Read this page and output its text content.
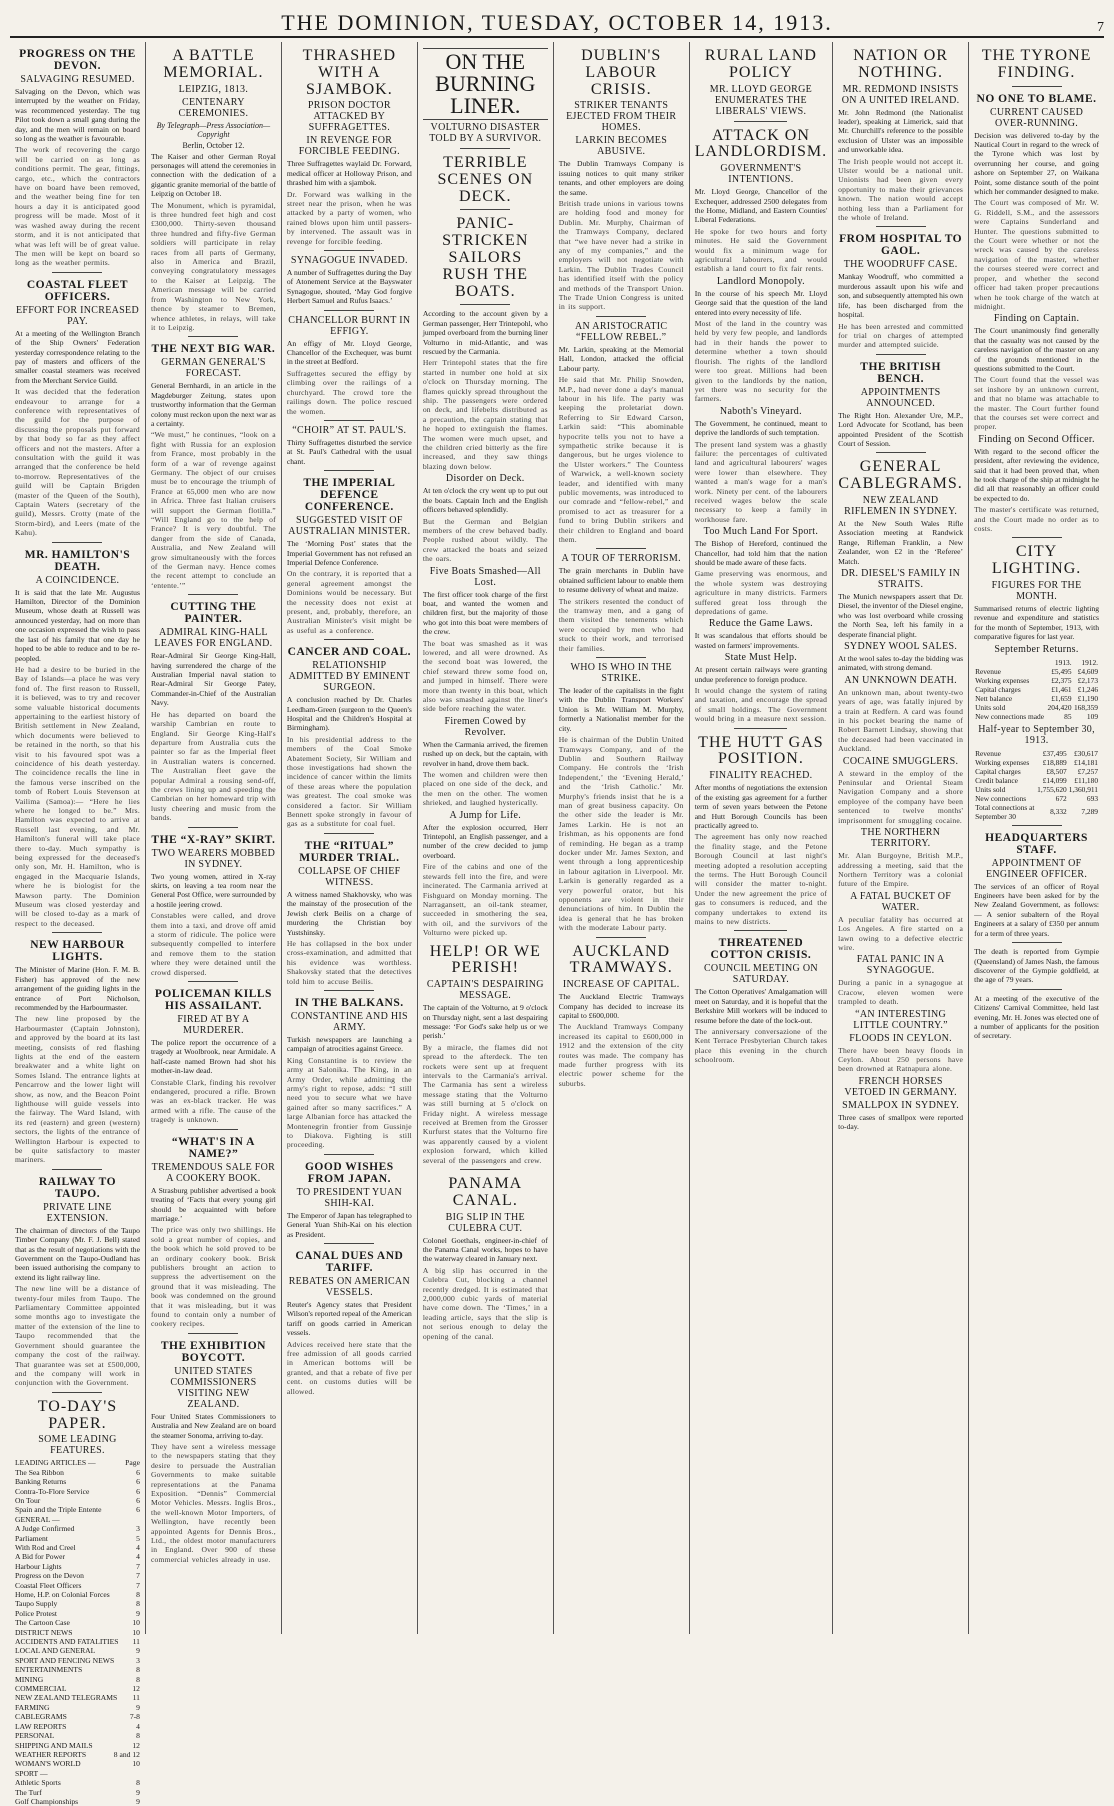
THE DOMINION, TUESDAY, OCTOBER 14, 1913.	7
PROGRESS ON THE DEVON.
SALVAGING RESUMED.
Salvaging on the Devon, which was interrupted by the weather on Friday, was recommenced yesterday. The tug Pilot took down a small gang during the day, and the men will remain on board so long as the weather is favourable.
The work of recovering the cargo will be carried on as long as conditions permit. The gear, fittings, cargo, etc., which the contractors have on board have been removed, and the weather being fine for ten hours a day it is anticipated good progress will be made. Most of it was washed away during the recent storm, and it is not anticipated that what was left will be of great value. The men will be kept on board so long as the weather permits.
COASTAL FLEET OFFICERS.
EFFORT FOR INCREASED PAY.
At a meeting of the Wellington Branch of the Ship Owners' Federation yesterday correspondence relating to the pay of masters and officers of the smaller coastal steamers was received from the Merchant Service Guild.
It was decided that the federation endeavour to arrange for a conference with representatives of the guild for the purpose of discussing the proposals put forward by that body so far as they affect officers and not the masters. After a consultation with the guild it was arranged that the conference be held to-morrow. Representatives of the guild will be Captain Brigden (master of the Queen of the South), Captain Waters (secretary of the guild), Messrs. Crotty (mate of the Storm-bird), and Leers (mate of the Kahu).
MR. HAMILTON'S DEATH.
A COINCIDENCE.
It is said that the late Mr. Augustus Hamilton, Director of the Dominion Museum, whose death at Russell was announced yesterday, had on more than one occasion expressed the wish to pass the last of his family that one day he hoped to be able to reduce and to be re-peopled.
He had a desire to be buried in the Bay of Islands—a place he was very fond of. The first reason to Russell, it is believed, was to try and recover some valuable historical documents appertaining to the earliest history of British settlement in New Zealand, which documents were believed to be retained in the north, so that his visit to his favoured spot was a coincidence of his death yesterday. The coincidence recalls the line in the famous verse inscribed on the tomb of Robert Louis Stevenson at Vailima (Samoa):— “Here he lies where he longed to be.” Mrs. Hamilton was expected to arrive at Russell last evening, and Mr. Hamilton's funeral will take place there to-day. Much sympathy is being expressed for the deceased's only son, Mr. H. Hamilton, who is engaged in the Macquarie Islands, where he is biologist for the Mawson party. The Dominion Museum was closed yesterday and will be closed to-day as a mark of respect to the deceased.
NEW HARBOUR LIGHTS.
The Minister of Marine (Hon. F. M. B. Fisher) has approved of the new arrangement of the guiding lights in the entrance of Port Nicholson, recommended by the Harbourmaster.
The new line proposed by the Harbourmaster (Captain Johnston), and approved by the board at its last meeting, consists of red flashing lights at the end of the eastern breakwater and a white light on Somes Island. The entrance lights at Pencarrow and the lower light will show, as now, and the Beacon Point lighthouse will guide vessels into the fairway. The Ward Island, with its red (eastern) and green (western) sectors, the lights of the entrance of Wellington Harbour is expected to be quite satisfactory to master mariners.
RAILWAY TO TAUPO.
PRIVATE LINE EXTENSION.
The chairman of directors of the Taupo Timber Company (Mr. F. J. Bell) stated that as the result of negotiations with the Government on the Taupo-Oudland has been issued authorising the company to extend its light railway line.
The new line will be a distance of twenty-four miles from Taupo. The Parliamentary Committee appointed some months ago to investigate the matter of the extension of the line to Taupo recommended that the Government should guarantee the company the cost of the railway. That guarantee was set at £500,000, and the company will work in conjunction with the Government.
TO-DAY'S PAPER.
SOME LEADING FEATURES.
LEADING ARTICLES —	Page
The Sea Ribbon	6
Banking Returns	6
Contra-To-Flore Service	6
On Tour	6
Spain and the Triple Entente	6
GENERAL —
A Judge Confirmed	3
Parliament	5
With Rod and Creel	4
A Bid for Power	4
Harbour Lights	7
Progress on the Devon	7
Coastal Fleet Officers	7
Home, H.P. on Colonial Forces	8
Taupo Supply	8
Police Protest	9
The Cartoon Case	10
DISTRICT NEWS	10
ACCIDENTS AND FATALITIES 11
LOCAL AND GENERAL	9
SPORT AND FENCING NEWS	3
ENTERTAINMENTS	8
MINING	8
COMMERCIAL	12
NEW ZEALAND TELEGRAMS 11
FARMING	9
CABLEGRAMS	7-8
LAW REPORTS	4
PERSONAL	8
SHIPPING AND MAILS	12
WEATHER REPORTS	8 and 12
WOMAN'S WORLD	10
SPORT —
Athletic Sports	8
The Turf	9
Golf Championships	9
A BATTLE MEMORIAL.
LEIPZIG, 1813.
CENTENARY CEREMONIES.
By Telegraph—Press Association—Copyright
Berlin, October 12.
The Kaiser and other German Royal personages will attend the ceremonies in connection with the dedication of a gigantic granite memorial of the battle of Leipzig on October 18.
The Monument, which is pyramidal, is three hundred feet high and cost £300,000. Thirty-seven thousand three hundred and fifty-five German soldiers will participate in relay races from all parts of Germany, also in America and Brazil, conveying congratulatory messages to the Kaiser at Leipzig. The American message will be carried from Washington to New York, thence by steamer to Bremen, whence athletes, in relays, will take it to Leipzig.
THE NEXT BIG WAR.
GERMAN GENERAL'S FORECAST.
General Bernhardi, in an article in the Magdeburger Zeitung, states upon trustworthy information that the German colony must reckon upon the next war as a certainty.
“We must,” he continues, “look on a fight with Russia for an explosion from France, most probably in the form of a war of revenge against Germany. The object of our cruises must be to encourage the triumph of France at 65,000 men who are now in Africa. Three fast Italian cruisers will support the German flotilla.” “Will England go to the help of France? It is very doubtful. The danger from the side of Canada, Australia, and New Zealand will grow simultaneously with the forces of the German navy. Hence comes the recent attempt to conclude an ‘entente.’”
CUTTING THE PAINTER.
ADMIRAL KING-HALL LEAVES FOR ENGLAND.
Rear-Admiral Sir George King-Hall, having surrendered the charge of the Australian Imperial naval station to Rear-Admiral Sir George Patey, Commander-in-Chief of the Australian Navy.
He has departed on board the warship Cambrian en route to England. Sir George King-Hall's departure from Australia cuts the painter so far as the Imperial fleet in Australian waters is concerned. The Australian fleet gave the popular Admiral a rousing send-off, the crews lining up and speeding the Cambrian on her homeward trip with lusty cheering and music from the bands.
THE “X-RAY” SKIRT.
TWO WEARERS MOBBED IN SYDNEY.
Two young women, attired in X-ray skirts, on leaving a tea room near the General Post Office, were surrounded by a hostile jeering crowd.
Constables were called, and drove them into a taxi, and drove off amid a storm of ridicule. The police were subsequently compelled to interfere and remove them to the station where they were detained until the crowd dispersed.
POLICEMAN KILLS HIS ASSAILANT.
FIRED AT BY A MURDERER.
The police report the occurrence of a tragedy at Woolbrook, near Armidale. A half-caste named Brown had shot his mother-in-law dead.
Constable Clark, finding his revolver endangered, procured a rifle. Brown was an ex-black tracker. He was armed with a rifle. The cause of the tragedy is unknown.
“WHAT'S IN A NAME?”
TREMENDOUS SALE FOR A COOKERY BOOK.
A Strasburg publisher advertised a book treating of ‘Facts that every young girl should be acquainted with before marriage.’
The price was only two shillings. He sold a great number of copies, and the book which he sold proved to be an ordinary cookery book. Brisk publishers brought an action to suppress the advertisement on the ground that it was misleading. The book was condemned on the ground that it was misleading, but it was found to contain only a number of cookery recipes.
THE EXHIBITION BOYCOTT.
UNITED STATES COMMISSIONERS VISITING NEW ZEALAND.
Four United States Commissioners to Australia and New Zealand are on board the steamer Sonoma, arriving to-day.
They have sent a wireless message to the newspapers stating that they desire to persuade the Australian Governments to make suitable representations at the Panama Exposition. “Dennis” Commercial Motor Vehicles. Messrs. Inglis Bros., the well-known Motor Importers, of Wellington, have recently been appointed Agents for Dennis Bros., Ltd., the oldest motor manufacturers in England. Over 900 of these commercial vehicles already in use.
THRASHED WITH A SJAMBOK.
PRISON DOCTOR ATTACKED BY SUFFRAGETTES.
IN REVENGE FOR FORCIBLE FEEDING.
Three Suffragettes waylaid Dr. Forward, medical officer at Holloway Prison, and thrashed him with a sjambok.
Dr. Forward was walking in the street near the prison, when he was attacked by a party of women, who rained blows upon him until passers-by intervened. The assault was in revenge for forcible feeding.
SYNAGOGUE INVADED.
A number of Suffragettes during the Day of Atonement Service at the Bayswater Synagogue, shouted, ‘May God forgive Herbert Samuel and Rufus Isaacs.’
CHANCELLOR BURNT IN EFFIGY.
An effigy of Mr. Lloyd George, Chancellor of the Exchequer, was burnt in the street at Bedford.
Suffragettes secured the effigy by climbing over the railings of a churchyard. The crowd tore the railings down. The police rescued the women.
“CHOIR” AT ST. PAUL'S.
Thirty Suffragettes disturbed the service at St. Paul's Cathedral with the usual chant.
THE IMPERIAL DEFENCE CONFERENCE.
SUGGESTED VISIT OF AUSTRALIAN MINISTER.
The ‘Morning Post’ states that the Imperial Government has not refused an Imperial Defence Conference.
On the contrary, it is reported that a general agreement amongst the Dominions would be necessary. But the necessity does not exist at present, and, probably, therefore, an Australian Minister's visit might be as useful as a conference.
CANCER AND COAL.
RELATIONSHIP ADMITTED BY EMINENT SURGEON.
A conclusion reached by Dr. Charles Leedham-Green (surgeon to the Queen's Hospital and the Children's Hospital at Birmingham).
In his presidential address to the members of the Coal Smoke Abatement Society, Sir William and those investigations had shown the incidence of cancer within the limits of these areas where the population was greatest. The coal smoke was considered a factor. Sir William Bennett spoke strongly in favour of gas as a substitute for coal fuel.
THE “RITUAL” MURDER TRIAL.
COLLAPSE OF CHIEF WITNESS.
A witness named Shakhovsky, who was the mainstay of the prosecution of the Jewish clerk Beilis on a charge of murdering the Christian boy Yustshinsky.
He has collapsed in the box under cross-examination, and admitted that his evidence was worthless. Shakovsky stated that the detectives told him to accuse Beilis.
IN THE BALKANS.
CONSTANTINE AND HIS ARMY.
Turkish newspapers are launching a campaign of atrocities against Greece.
King Constantine is to review the army at Salonika. The King, in an Army Order, while admitting the army's right to repose, adds: “I still need you to secure what we have gained after so many sacrifices.” A large Albanian force has attacked the Montenegrin frontier from Gussinje to Diakova. Fighting is still proceeding.
GOOD WISHES FROM JAPAN.
TO PRESIDENT YUAN SHIH-KAI.
The Emperor of Japan has telegraphed to General Yuan Shih-Kai on his election as President.
CANAL DUES AND TARIFF.
REBATES ON AMERICAN VESSELS.
Reuter's Agency states that President Wilson's reported repeal of the American tariff on goods carried in American vessels.
Advices received here state that the free admission of all goods carried in American bottoms will be granted, and that a rebate of five per cent. on customs duties will be allowed.
ON THE BURNING LINER.
VOLTURNO DISASTER TOLD BY A SURVIVOR.
TERRIBLE SCENES ON DECK.
PANIC-STRICKEN SAILORS RUSH THE BOATS.
According to the account given by a German passenger, Herr Trintepohl, who jumped overboard from the burning liner Volturno in mid-Atlantic, and was rescued by the Carmania.
Herr Trintepohl states that the fire started in number one hold at six o'clock on Thursday morning. The flames quickly spread throughout the ship. The passengers were ordered on deck, and lifebelts distributed as a precaution, the captain stating that he hoped to extinguish the flames. The women were much upset, and the children cried bitterly as the fire increased, and they saw things blazing down below.
Disorder on Deck.
At ten o'clock the cry went up to put out the boats. Captain Inch and the English officers behaved splendidly.
But the German and Belgian members of the crew behaved badly. People rushed about wildly. The crew attacked the boats and seized the oars.
Five Boats Smashed—All Lost.
The first officer took charge of the first boat, and wanted the women and children first, but the majority of those who got into this boat were members of the crew.
The boat was smashed as it was lowered, and all were drowned. As the second boat was lowered, the chief steward threw some food on, and jumped in himself. There were more than twenty in this boat, which also was smashed against the liner's side before reaching the water.
Firemen Cowed by Revolver.
When the Carmania arrived, the firemen rushed up on deck, but the captain, with revolver in hand, drove them back.
The women and children were then placed on one side of the deck, and the men on the other. The women shrieked, and laughed hysterically.
A Jump for Life.
After the explosion occurred, Herr Trintepohl, an English passenger, and a number of the crew decided to jump overboard.
Fire of the cabins and one of the stewards fell into the fire, and were incinerated. The Carmania arrived at Fishguard on Monday morning. The Narragansett, an oil-tank steamer, succeeded in smothering the sea, with oil, and the survivors of the Volturno were picked up.
HELP! OR WE PERISH!
CAPTAIN'S DESPAIRING MESSAGE.
The captain of the Volturno, at 9 o'clock on Thursday night, sent a last despairing message: ‘For God's sake help us or we perish.’
By a miracle, the flames did not spread to the afterdeck. The ten rockets were sent up at frequent intervals to the Carmania's arrival. The Carmania has sent a wireless message stating that the Volturno was still burning at 5 o'clock on Friday night. A wireless message received at Bremen from the Grosser Kurfurst states that the Volturno fire was apparently caused by a violent explosion forward, which killed several of the passengers and crew.
PANAMA CANAL.
BIG SLIP IN THE CULEBRA CUT.
Colonel Goethals, engineer-in-chief of the Panama Canal works, hopes to have the waterway cleared in January next.
A big slip has occurred in the Culebra Cut, blocking a channel recently dredged. It is estimated that 2,000,000 cubic yards of material have come down. The ‘Times,’ in a leading article, says that the slip is not serious enough to delay the opening of the canal.
DUBLIN'S LABOUR CRISIS.
STRIKER TENANTS EJECTED FROM THEIR HOMES.
LARKIN BECOMES ABUSIVE.
The Dublin Tramways Company is issuing notices to quit many striker tenants, and other employers are doing the same.
British trade unions in various towns are holding food and money for Dublin. Mr. Murphy, Chairman of the Tramways Company, declared that “we have never had a strike in any of my companies,” and the employers will not negotiate with Larkin. The Dublin Trades Council has identified itself with the policy and methods of the Transport Union. The Trade Union Congress is united in its support.
AN ARISTOCRATIC “FELLOW REBEL.”
Mr. Larkin, speaking at the Memorial Hall, London, attacked the official Labour party.
He said that Mr. Philip Snowden, M.P., had never done a day's manual labour in his life. The party was keeping the proletariat down. Referring to Sir Edward Carson, Larkin said: “This abominable hypocrite tells you not to have a sympathetic strike because it is dangerous, but he urges violence to the Ulster workers.” The Countess of Warwick, a well-known society leader, and identified with many public movements, was introduced to our comrade and “fellow-rebel,” and promised to act as treasurer for a fund to bring Dublin strikers and their children to England and board them.
A TOUR OF TERRORISM.
The grain merchants in Dublin have obtained sufficient labour to enable them to resume delivery of wheat and maize.
The strikers resented the conduct of the tramway men, and a gang of them visited the tenements which were occupied by men who had stuck to their work, and terrorised their families.
WHO IS WHO IN THE STRIKE.
The leader of the capitalists in the fight with the Dublin Transport Workers' Union is Mr. William M. Murphy, formerly a Nationalist member for the city.
He is chairman of the Dublin United Tramways Company, and of the Dublin and Southern Railway Company. He controls the ‘Irish Independent,’ the ‘Evening Herald,’ and the ‘Irish Catholic.’ Mr. Murphy's friends insist that he is a man of great business capacity. On the other side the leader is Mr. James Larkin. He is not an Irishman, as his opponents are fond of reminding. He began as a tramp docker under Mr. James Sexton, and went through a long apprenticeship in labour agitation in Liverpool. Mr. Larkin is generally regarded as a very powerful orator, but his opponents are violent in their denunciations of him. In Dublin the idea is general that he has broken with the moderate Labour party.
AUCKLAND TRAMWAYS.
INCREASE OF CAPITAL.
The Auckland Electric Tramways Company has decided to increase its capital to £600,000.
The Auckland Tramways Company increased its capital to £600,000 in 1912 and the extension of the city routes was made. The company has made further progress with its electric power scheme for the suburbs.
RURAL LAND POLICY
MR. LLOYD GEORGE ENUMERATES THE LIBERALS' VIEWS.
ATTACK ON LANDLORDISM.
GOVERNMENT'S INTENTIONS.
Mr. Lloyd George, Chancellor of the Exchequer, addressed 2500 delegates from the Home, Midland, and Eastern Counties' Liberal Federations.
He spoke for two hours and forty minutes. He said the Government would fix a minimum wage for agricultural labourers, and would establish a land court to fix fair rents.
Landlord Monopoly.
In the course of his speech Mr. Lloyd George said that the question of the land entered into every necessity of life.
Most of the land in the country was held by very few people, and landlords had in their hands the power to determine whether a town should flourish. The rights of the landlord were too great. Millions had been given to the landlords by the nation, yet there was no security for the farmers.
Naboth's Vineyard.
The Government, he continued, meant to deprive the landlords of such temptation.
The present land system was a ghastly failure: the percentages of cultivated land and agricultural labourers' wages were lower than elsewhere. They wanted a man's wage for a man's work. Ninety per cent. of the labourers received wages below the scale necessary to keep a family in workhouse fare.
Too Much Land For Sport.
The Bishop of Hereford, continued the Chancellor, had told him that the nation should be made aware of these facts.
Game preserving was enormous, and the whole system was destroying agriculture in many districts. Farmers suffered great loss through the depredations of game.
Reduce the Game Laws.
It was scandalous that efforts should be wasted on farmers' improvements.
State Must Help.
At present certain railways were granting undue preference to foreign produce.
It would change the system of rating and taxation, and encourage the spread of small holdings. The Government would bring in a measure next session.
THE HUTT GAS POSITION.
FINALITY REACHED.
After months of negotiations the extension of the existing gas agreement for a further term of seven years between the Petone and Hutt Borough Councils has been practically agreed to.
The agreement has only now reached the finality stage, and the Petone Borough Council at last night's meeting adopted a resolution accepting the terms. The Hutt Borough Council will consider the matter to-night. Under the new agreement the price of gas to consumers is reduced, and the company undertakes to extend its mains to new districts.
THREATENED COTTON CRISIS.
COUNCIL MEETING ON SATURDAY.
The Cotton Operatives' Amalgamation will meet on Saturday, and it is hopeful that the Berkshire Mill workers will be induced to resume before the date of the lock-out.
The anniversary conversazione of the Kent Terrace Presbyterian Church takes place this evening in the church schoolroom.
NATION OR NOTHING.
MR. REDMOND INSISTS ON A UNITED IRELAND.
Mr. John Redmond (the Nationalist leader), speaking at Limerick, said that Mr. Churchill's reference to the possible exclusion of Ulster was an impossible and unworkable idea.
The Irish people would not accept it. Ulster would be a national unit. Unionists had been given every opportunity to make their grievances known. The nation would accept nothing less than a Parliament for the whole of Ireland.
FROM HOSPITAL TO GAOL.
THE WOODRUFF CASE.
Mankay Woodruff, who committed a murderous assault upon his wife and son, and subsequently attempted his own life, has been discharged from the hospital.
He has been arrested and committed for trial on charges of attempted murder and attempted suicide.
THE BRITISH BENCH.
APPOINTMENTS ANNOUNCED.
The Right Hon. Alexander Ure, M.P., Lord Advocate for Scotland, has been appointed President of the Scottish Court of Session.
GENERAL CABLEGRAMS.
NEW ZEALAND RIFLEMEN IN SYDNEY.
At the New South Wales Rifle Association meeting at Randwick Range, Rifleman Franklin, a New Zealander, won £2 in the ‘Referee’ Match.
DR. DIESEL'S FAMILY IN STRAITS.
The Munich newspapers assert that Dr. Diesel, the inventor of the Diesel engine, who was lost overboard while crossing the North Sea, left his family in a desperate financial plight.
SYDNEY WOOL SALES.
At the wool sales to-day the bidding was animated, with strong demand.
AN UNKNOWN DEATH.
An unknown man, about twenty-two years of age, was fatally injured by a train at Redfern. A card was found in his pocket bearing the name of Robert Barnett Lindsay, showing that the deceased had been vaccinated in Auckland.
COCAINE SMUGGLERS.
A steward in the employ of the Peninsular and Oriental Steam Navigation Company and a shore employee of the company have been sentenced to twelve months' imprisonment for smuggling cocaine.
THE NORTHERN TERRITORY.
Mr. Alan Burgoyne, British M.P., addressing a meeting, said that the Northern Territory was a colonial future of the Empire.
A FATAL BUCKET OF WATER.
A peculiar fatality has occurred at Los Angeles. A fire started on a lawn owing to a defective electric wire.
FATAL PANIC IN A SYNAGOGUE.
During a panic in a synagogue at Cracow, eleven women were trampled to death.
“AN INTERESTING LITTLE COUNTRY.”
FLOODS IN CEYLON.
There have been heavy floods in Ceylon. About 250 persons have been drowned at Ratnapura alone.
FRENCH HORSES VETOED IN GERMANY.
SMALLPOX IN SYDNEY.
Three cases of smallpox were reported to-day.
THE TYRONE FINDING.
NO ONE TO BLAME.
CURRENT CAUSED OVER-RUNNING.
Decision was delivered to-day by the Nautical Court in regard to the wreck of the Tyrone which was lost by overrunning her course, and going ashore on September 27, on Waikana Point, some distance south of the point which her commander designed to make.
The Court was composed of Mr. W. G. Riddell, S.M., and the assessors were Captains Sunderland and Hunter. The questions submitted to the Court were whether or not the wreck was caused by the careless navigation of the master, whether the courses steered were correct and proper, and whether the second officer had taken proper precautions when he took charge of the watch at midnight.
Finding on Captain.
The Court unanimously find generally that the casualty was not caused by the careless navigation of the master on any of the grounds mentioned in the questions submitted to the Court.
The Court found that the vessel was set inshore by an unknown current, and that no blame was attachable to the master. The Court further found that the courses set were correct and proper.
Finding on Second Officer.
With regard to the second officer the president, after reviewing the evidence, said that it had been proved that, when he took charge of the ship at midnight he did all that reasonably an officer could be expected to do.
The master's certificate was returned, and the Court made no order as to costs.
CITY LIGHTING.
FIGURES FOR THE MONTH.
Summarised returns of electric lighting revenue and expenditure and statistics for the month of September, 1913, with comparative figures for last year.
September Returns.
	1913.	1912.
Revenue	£5,495	£4,609
Working expenses	£2,375	£2,173
Capital charges	£1,461	£1,246
Nett balance	£1,659	£1,190
Units sold	204,420	168,359
New connections made	85	109
Half-year to September 30, 1913.
Revenue	£37,495	£30,617
Working expenses	£18,889	£14,181
Capital charges	£8,507	£7,257
Credit balance	£14,099	£11,180
Units sold	1,755,620	1,360,911
New connections	672	693
Total connections at September 30	8,332	7,289
HEADQUARTERS STAFF.
APPOINTMENT OF ENGINEER OFFICER.
The services of an officer of Royal Engineers have been asked for by the New Zealand Government, as follows:— A senior subaltern of the Royal Engineers at a salary of £350 per annum for a term of three years.
The death is reported from Gympie (Queensland) of James Nash, the famous discoverer of the Gympie goldfield, at the age of 79 years.
At a meeting of the executive of the Citizens' Carnival Committee, held last evening, Mr. H. Jones was elected one of a number of applicants for the position of secretary.
